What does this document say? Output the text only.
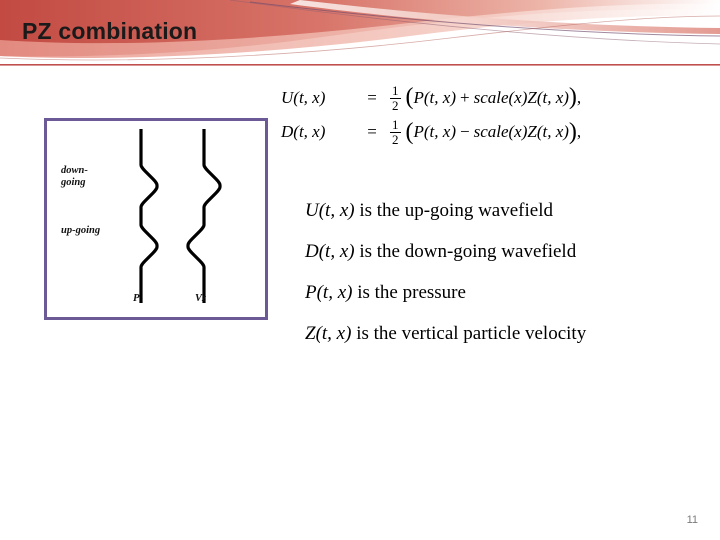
PZ combination
down-
going
up-going
P	Vz
U(t, x)	=	$\frac{1}{2}$ ( P(t, x) + scale(x)Z(t, x) ) ,
D(t, x)	=	$\frac{1}{2}$ ( P(t, x) − scale(x)Z(t, x) ) ,
U(t, x) is the up-going wavefield
D(t, x) is the down-going wavefield
P(t, x) is the pressure
Z(t, x) is the vertical particle velocity
11
